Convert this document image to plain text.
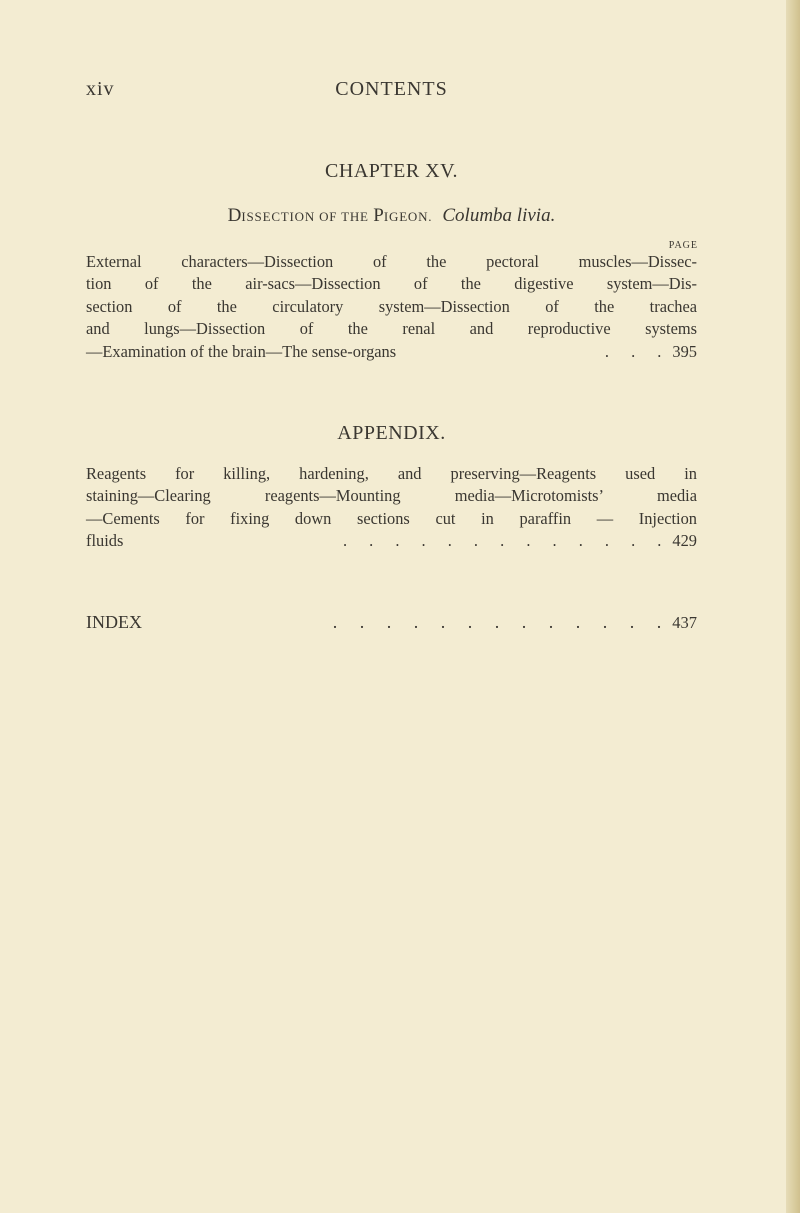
xiv	CONTENTS
CHAPTER XV.
DISSECTION OF THE PIGEON. Columba livia.
PAGE
External characters—Dissection of the pectoral muscles—Dissec-
tion of the air-sacs—Dissection of the digestive system—Dis-
section of the circulatory system—Dissection of the trachea
and lungs—Dissection of the renal and reproductive systems
—Examination of the brain—The sense-organs	. . . 395
APPENDIX.
Reagents for killing, hardening, and preserving—Reagents used in
staining—Clearing reagents—Mounting media—Microtomists’ media
—Cements for fixing down sections cut in paraffin — Injection
fluids	. . . . . . . . . . . . . 429
INDEX	. . . . . . . . . . . . . 437
